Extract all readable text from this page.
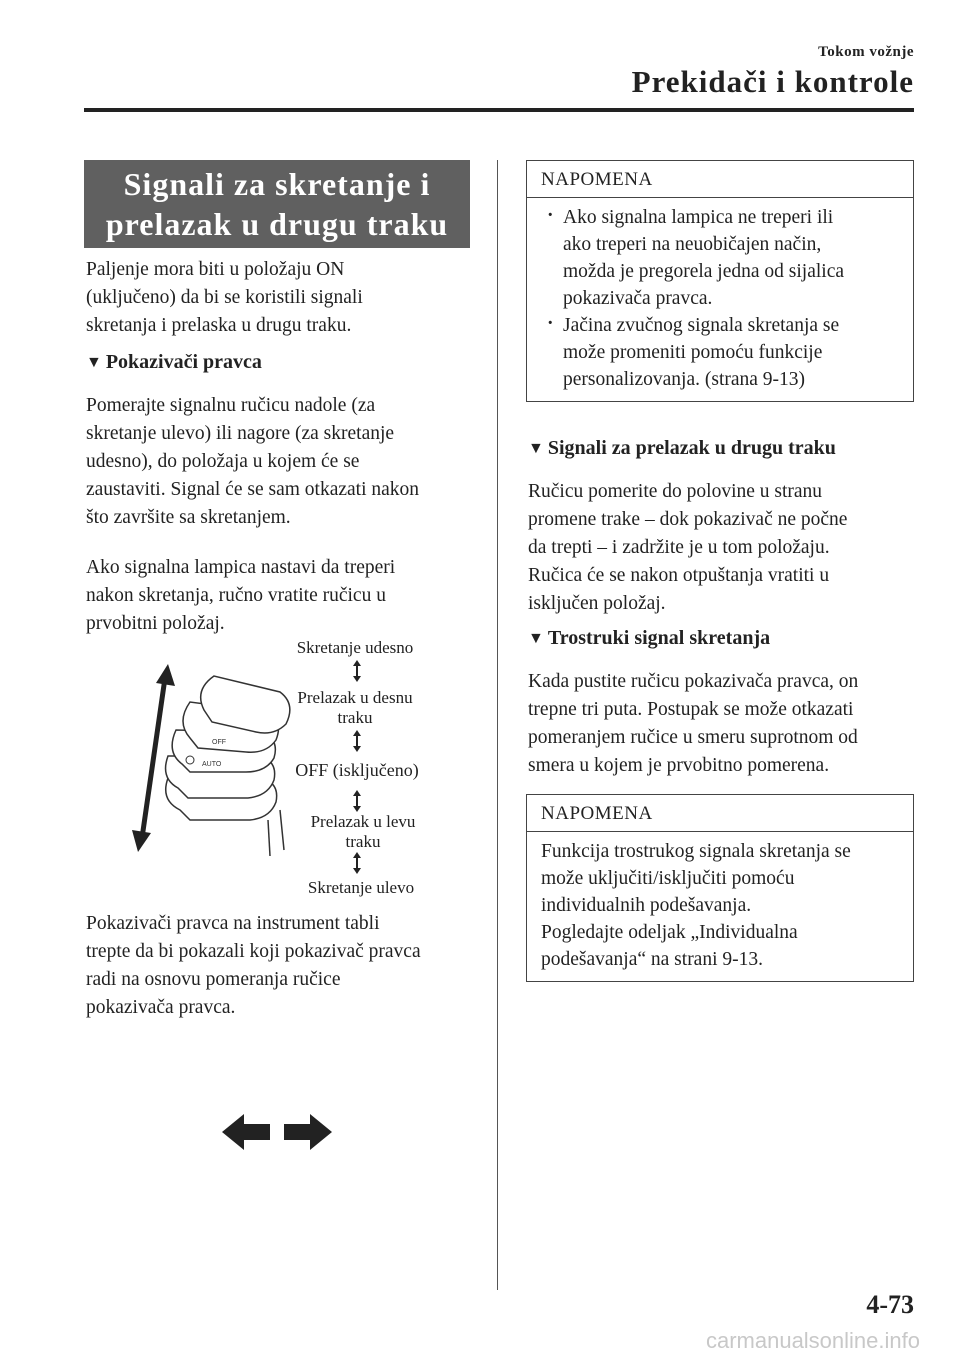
Tokom vožnje
Prekidači i kontrole
Signali za skretanje i
prelazak u drugu traku
Paljenje mora biti u položaju ON
(uključeno) da bi se koristili signali
skretanja i prelaska u drugu traku.
▼ Pokazivači pravca
Pomerajte signalnu ručicu nadole (za
skretanje ulevo) ili nagore (za skretanje
udesno), do položaja u kojem će se
zaustaviti. Signal će se sam otkazati nakon
što završite sa skretanjem.
Ako signalna lampica nastavi da treperi
nakon skretanja, ručno vratite ručicu u
prvobitni položaj.
AUTO
OFF
Skretanje udesno
Prelazak u desnu
traku
OFF (isključeno)
Prelazak u levu
traku
Skretanje ulevo
Pokazivači pravca na instrument tabli
trepte da bi pokazali koji pokazivač pravca
radi na osnovu pomeranja ručice
pokazivača pravca.
NAPOMENA
· Ako signalna lampica ne treperi ili
ako treperi na neuobičajen način,
možda je pregorela jedna od sijalica
pokazivača pravca.
· Jačina zvučnog signala skretanja se
može promeniti pomoću funkcije
personalizovanja. (strana 9-13)
▼ Signali za prelazak u drugu traku
Ručicu pomerite do polovine u stranu
promene trake – dok pokazivač ne počne
da trepti – i zadržite je u tom položaju.
Ručica će se nakon otpuštanja vratiti u
isključen položaj.
▼ Trostruki signal skretanja
Kada pustite ručicu pokazivača pravca, on
trepne tri puta. Postupak se može otkazati
pomeranjem ručice u smeru suprotnom od
smera u kojem je prvobitno pomerena.
NAPOMENA
Funkcija trostrukog signala skretanja se
može uključiti/isključiti pomoću
individualnih podešavanja.
Pogledajte odeljak „Individualna
podešavanja“ na strani 9-13.
4-73
carmanualsonline.info
